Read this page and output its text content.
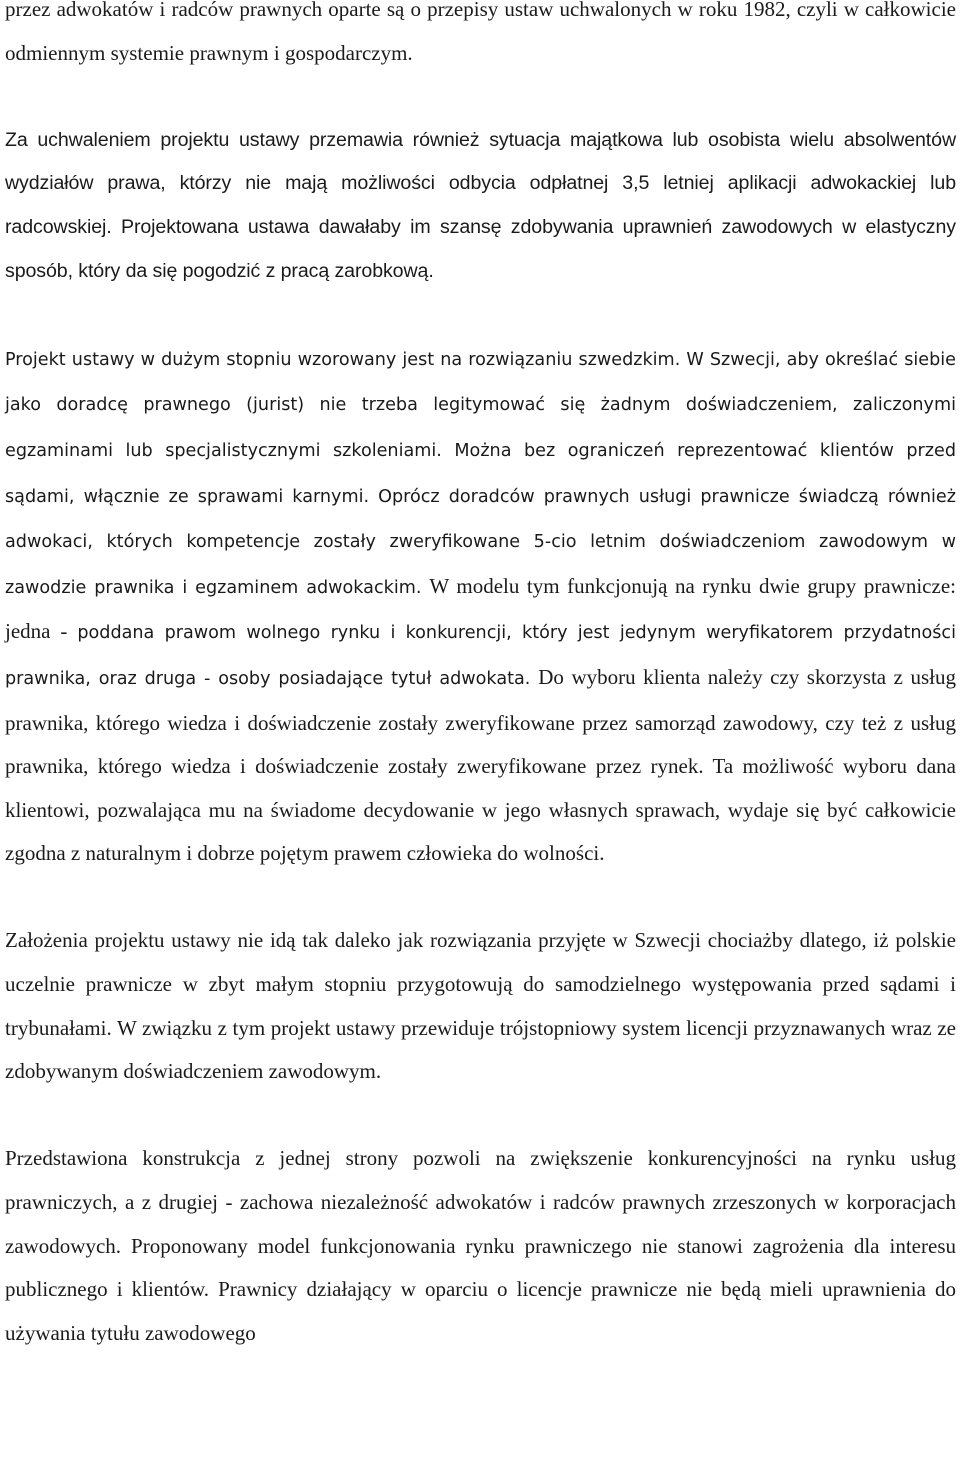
przez adwokatów i radców prawnych oparte są o przepisy ustaw uchwalonych w roku 1982, czyli w całkowicie odmiennym systemie prawnym i gospodarczym.

Za uchwaleniem projektu ustawy przemawia również sytuacja majątkowa lub osobista wielu absolwentów wydziałów prawa, którzy nie mają możliwości odbycia odpłatnej 3,5 letniej aplikacji adwokackiej lub radcowskiej. Projektowana ustawa dawałaby im szansę zdobywania uprawnień zawodowych w elastyczny sposób, który da się pogodzić z pracą zarobkową.

Projekt ustawy w dużym stopniu wzorowany jest na rozwiązaniu szwedzkim. W Szwecji, aby określać siebie jako doradcę prawnego (jurist) nie trzeba legitymować się żadnym doświadczeniem, zaliczonymi egzaminami lub specjalistycznymi szkoleniami. Można bez ograniczeń reprezentować klientów przed sądami, włącznie ze sprawami karnymi. Oprócz doradców prawnych usługi prawnicze świadczą również adwokaci, których kompetencje zostały zweryfikowane 5-cio letnim doświadczeniom zawodowym w zawodzie prawnika i egzaminem adwokackim. W modelu tym funkcjonują na rynku dwie grupy prawnicze: jedna - poddana prawom wolnego rynku i konkurencji, który jest jedynym weryfikatorem przydatności prawnika, oraz druga - osoby posiadające tytuł adwokata. Do wyboru klienta należy czy skorzysta z usług prawnika, którego wiedza i doświadczenie zostały zweryfikowane przez samorząd zawodowy, czy też z usług prawnika, którego wiedza i doświadczenie zostały zweryfikowane przez rynek. Ta możliwość wyboru dana klientowi, pozwalająca mu na świadome decydowanie w jego własnych sprawach, wydaje się być całkowicie zgodna z naturalnym i dobrze pojętym prawem człowieka do wolności.

Założenia projektu ustawy nie idą tak daleko jak rozwiązania przyjęte w Szwecji chociażby dlatego, iż polskie uczelnie prawnicze w zbyt małym stopniu przygotowują do samodzielnego występowania przed sądami i trybunałami. W związku z tym projekt ustawy przewiduje trójstopniowy system licencji przyznawanych wraz ze zdobywanym doświadczeniem zawodowym.

Przedstawiona konstrukcja z jednej strony pozwoli na zwiększenie konkurencyjności na rynku usług prawniczych, a z drugiej - zachowa niezależność adwokatów i radców prawnych zrzeszonych w korporacjach zawodowych. Proponowany model funkcjonowania rynku prawniczego nie stanowi zagrożenia dla interesu publicznego i klientów. Prawnicy działający w oparciu o licencje prawnicze nie będą mieli uprawnienia do używania tytułu zawodowego
